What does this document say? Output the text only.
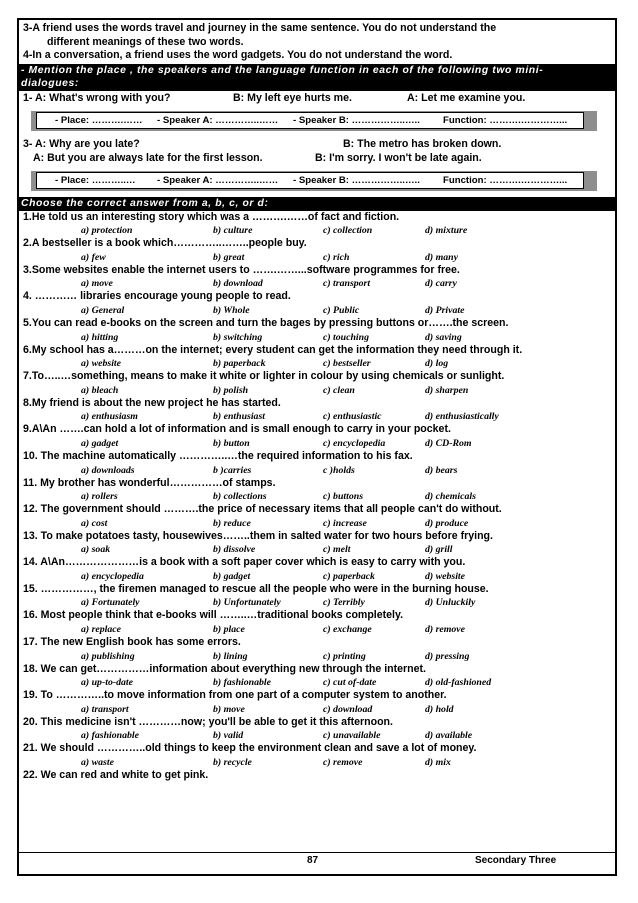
3-A friend uses the words travel and journey in the same sentence. You do not understand the

different meanings of these two words.

4-In a conversation, a friend uses the word gadgets. You do not understand the word.

- Mention the place , the speakers and the language function in each of the following two mini-
dialogues:
1- A: What's wrong with you?	B: My left eye hurts me.	A: Let me examine you.
- Place: ……….…… - Speaker A: …………..…… - Speaker B: ……………..….. Function: ……….…………...
3- A: Why are you late?	B: The metro has broken down.
A: But you are always late for the first lesson.	B: I'm sorry. I won't be late again.
- Place: ………..… - Speaker A: …………..…… - Speaker B: ……………..….. Function: ……….…………...
Choose the correct answer from a, b, c, or d:

1.He told us an interesting story which was a ……….……of fact and fiction.

a) protection	b) culture	c) collection	d) mixture

2.A bestseller is a book which…………..……..people buy.

a) few	b) great	c) rich	d) many

3.Some websites enable the internet users to …….……...software programmes for free.

a) move	b) download	c) transport	d) carry

4. ………… libraries encourage young people to read.

a) General	b) Whole	c) Public	d) Private

5.You can read e-books on the screen and turn the bages by pressing buttons or…….the screen.

a) hitting	b) switching	c) touching	d) saving

6.My school has a………on the internet; every student can get the information they need through it.

a) website	b) paperback	c) bestseller	d) log

7.To…..…something, means to make it white or lighter in colour by using chemicals or sunlight.

a) bleach	b) polish	c) clean	d) sharpen

8.My friend is about the new project he has started.

a) enthusiasm	b) enthusiast	c) enthusiastic	d) enthusiastically

9.A\An …….can hold a lot of information and is small enough to carry in your pocket.

a) gadget	b) button	c) encyclopedia	d) CD-Rom

10. The machine automatically …………..…the required information to his fax.

a) downloads	b )carries	c )holds	d) bears

11. My brother has wonderful……………of stamps.

a) rollers	b) collections	c) buttons	d) chemicals

12. The government should ……….the price of necessary items that all people can't do without.

a) cost	b) reduce	c) increase	d) produce

13. To make potatoes tasty, housewives……..them in salted water for two hours before frying.

a) soak	b) dissolve	c) melt	d) grill

14. A\An…………………is a book with a soft paper cover which is easy to carry with you.

a) encyclopedia	b) gadget	c) paperback	d) website

15. ……………, the firemen managed to rescue all the people who were in the burning house.

a) Fortunately	b) Unfortunately	c) Terribly	d) Unluckily

16. Most people think that e-books will ……..…traditional books completely.

a) replace	b) place	c) exchange	d) remove

17. The new English book has some errors.

a) publishing	b) lining	c) printing	d) pressing

18. We can get……………information about everything new through the internet.

a) up-to-date	b) fashionable	c) cut of-date	d) old-fashioned

19. To …………..to move information from one part of a computer system to another.

a) transport	b) move	c) download	d) hold

20. This medicine isn't …………now; you'll be able to get it this afternoon.

a) fashionable	b) valid	c) unavailable	d) available

21. We should …………..old things to keep the environment clean and save a lot of money.

a) waste	b) recycle	c) remove	d) mix

22. We can red and white to get pink.

87	Secondary Three
